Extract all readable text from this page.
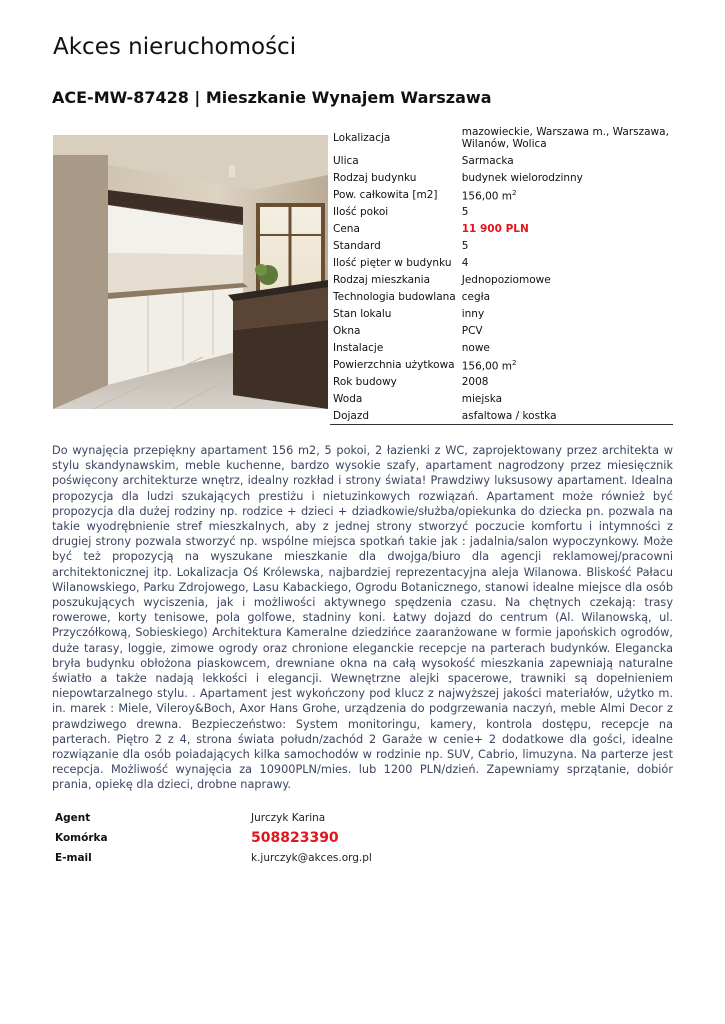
Akces nieruchomości
ACE-MW-87428 | Mieszkanie Wynajem Warszawa
Lokalizacja	mazowieckie, Warszawa m., Warszawa, Wilanów, Wolica
Ulica	Sarmacka
Rodzaj budynku	budynek wielorodzinny
Pow. całkowita [m2]	156,00 $m^2$
Ilość pokoi	5
Cena	11 900 PLN
Standard	5
Ilość pięter w budynku	4
Rodzaj mieszkania	Jednopoziomowe
Technologia budowlana	cegła
Stan lokalu	inny
Okna	PCV
Instalacje	nowe
Powierzchnia użytkowa	156,00 $m^2$
Rok budowy	2008
Woda	miejska
Dojazd	asfaltowa / kostka
Do wynajęcia przepiękny apartament 156 m2, 5 pokoi, 2 łazienki z WC, zaprojektowany przez architekta w stylu skandynawskim, meble kuchenne, bardzo wysokie szafy, apartament nagrodzony przez miesięcznik poświęcony architekturze wnętrz, idealny rozkład i strony świata! Prawdziwy luksusowy apartament. Idealna propozycja dla ludzi szukających prestiżu i nietuzinkowych rozwiązań. Apartament może również być propozycja dla dużej rodziny np. rodzice + dzieci + dziadkowie/służba/opiekunka do dziecka pn. pozwala na takie wyodrębnienie stref mieszkalnych, aby z jednej strony stworzyć poczucie komfortu i intymności z drugiej strony pozwala stworzyć np. wspólne miejsca spotkań takie jak : jadalnia/salon wypoczynkowy. Może być też propozycją na wyszukane mieszkanie dla dwojga/biuro dla agencji reklamowej/pracowni architektonicznej itp. Lokalizacja Oś Królewska, najbardziej reprezentacyjna aleja Wilanowa. Bliskość Pałacu Wilanowskiego, Parku Zdrojowego, Lasu Kabackiego, Ogrodu Botanicznego, stanowi idealne miejsce dla osób poszukujących wyciszenia, jak i możliwości aktywnego spędzenia czasu. Na chętnych czekają: trasy rowerowe, korty tenisowe, pola golfowe, stadniny koni. Łatwy dojazd do centrum (Al. Wilanowską, ul. Przyczółkową, Sobieskiego) Architektura Kameralne dziedzińce zaaranżowane w formie japońskich ogrodów, duże tarasy, loggie, zimowe ogrody oraz chronione eleganckie recepcje na parterach budynków. Elegancka bryła budynku obłożona piaskowcem, drewniane okna na całą wysokość mieszkania zapewniają naturalne światło a także nadają lekkości i elegancji. Wewnętrzne alejki spacerowe, trawniki są dopełnieniem niepowtarzalnego stylu. . Apartament jest wykończony pod klucz z najwyższej jakości materiałów, użytko m. in. marek : Miele, Vileroy&Boch, Axor Hans Grohe, urządzenia do podgrzewania naczyń, meble Almi Decor z prawdziwego drewna. Bezpieczeństwo: System monitoringu, kamery, kontrola dostępu, recepcje na parterach. Piętro 2 z 4, strona świata połudn/zachód 2 Garaże w cenie+ 2 dodatkowe dla gości, idealne rozwiązanie dla osób poiadających kilka samochodów w rodzinie np. SUV, Cabrio, limuzyna. Na parterze jest recepcja. Możliwość wynajęcia za 10900PLN/mies. lub 1200 PLN/dzień. Zapewniamy sprzątanie, dobiór prania, opiekę dla dzieci, drobne naprawy.
Agent	Jurczyk Karina
Komórka	508823390
E-mail	k.jurczyk@akces.org.pl
